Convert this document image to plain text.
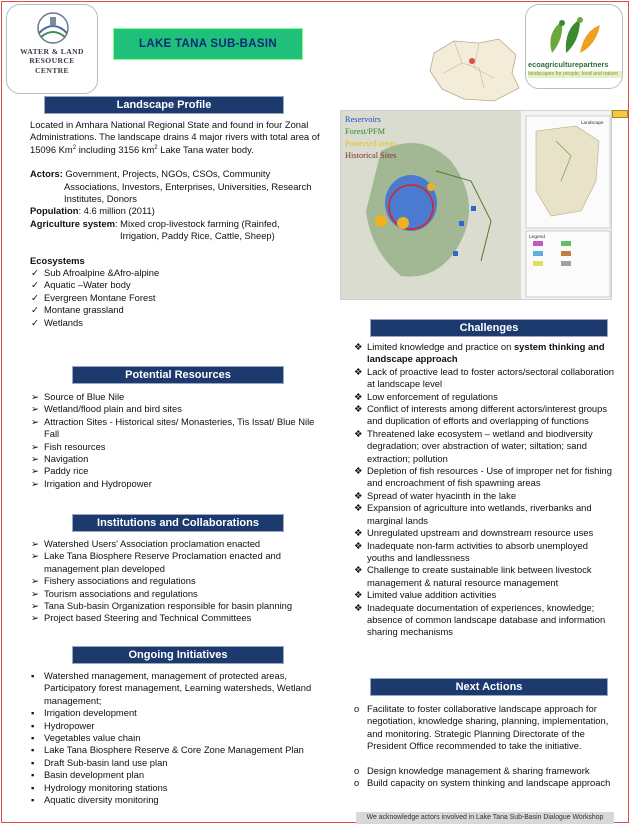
WATER & LAND
RESOURCE
CENTRE
LAKE TANA SUB-BASIN
ecoagriculturepartners
landscapes for people, food and nature
Reservoirs
Forest/PFM
Protected areas
Historical Sites
Landscape
Legend
Landscape Profile

Located in Amhara National Regional State and found in four Zonal Administrations. The landscape drains 4 major rivers with total area of 15096 Km$^2$ including 3156 $km^2$ Lake Tana water body.

Actors: Government, Projects, NGOs, CSOs, Community

Associations, Investors, Enterprises, Universities, Research

Institutes, Donors

Population: 4.6 million (2011)

Agriculture system: Mixed crop-livestock farming (Rainfed,

Irrigation, Paddy Rice, Cattle, Sheep)

Ecosystems

✓ Sub Afroalpine &Afro-alpine
✓ Aquatic –Water body
✓ Evergreen Montane Forest
✓ Montane grassland
✓ Wetlands
Potential Resources
➢ Source of Blue Nile
➢ Wetland/flood plain and bird sites
➢ Attraction Sites - Historical sites/ Monasteries, Tis Issat/ Blue Nile Fall
➢ Fish resources
➢ Navigation
➢ Paddy rice
➢ Irrigation and Hydropower
Institutions and Collaborations
➢ Watershed Users' Association proclamation enacted
➢ Lake Tana Biosphere Reserve Proclamation enacted and management plan developed
➢ Fishery associations and regulations
➢ Tourism associations and regulations
➢ Tana Sub-basin Organization responsible for basin planning
➢ Project based Steering and Technical Committees
Ongoing Initiatives
▪ Watershed management, management of protected areas, Participatory forest management, Learning watersheds, Wetland management;
▪ Irrigation development
▪ Hydropower
▪ Vegetables value chain
▪ Lake Tana Biosphere Reserve & Core Zone Management Plan
▪ Draft Sub-basin land use plan
▪ Basin development plan
▪ Hydrology monitoring stations
▪ Aquatic diversity monitoring
Challenges
❖ Limited knowledge and practice on system thinking and landscape approach
❖ Lack of proactive lead to foster actors/sectoral collaboration at landscape level
❖ Low enforcement of regulations
❖ Conflict of interests among different actors/interest groups and duplication of efforts and overlapping of functions
❖ Threatened lake ecosystem – wetland and biodiversity degradation; over abstraction of water; siltation; sand extraction; pollution
❖ Depletion of fish resources - Use of improper net for fishing and encroachment of fish spawning areas
❖ Spread of water hyacinth in the lake
❖ Expansion of agriculture into wetlands, riverbanks and marginal lands
❖ Unregulated upstream and downstream resource uses
❖ Inadequate non-farm activities to absorb unemployed youths and landlessness
❖ Challenge to create sustainable link between livestock management & natural resource management
❖ Limited value addition activities
❖ Inadequate documentation of experiences, knowledge; absence of common landscape database and information sharing mechanisms
Next Actions
o Facilitate to foster collaborative landscape approach for negotiation, knowledge sharing, planning, implementation, and monitoring. Strategic Planning Directorate of the President Office recommended to take the initiative.
o Design knowledge management & sharing framework
o Build capacity on system thinking and landscape approach
We acknowledge actors involved in Lake Tana Sub-Basin Dialogue Workshop
